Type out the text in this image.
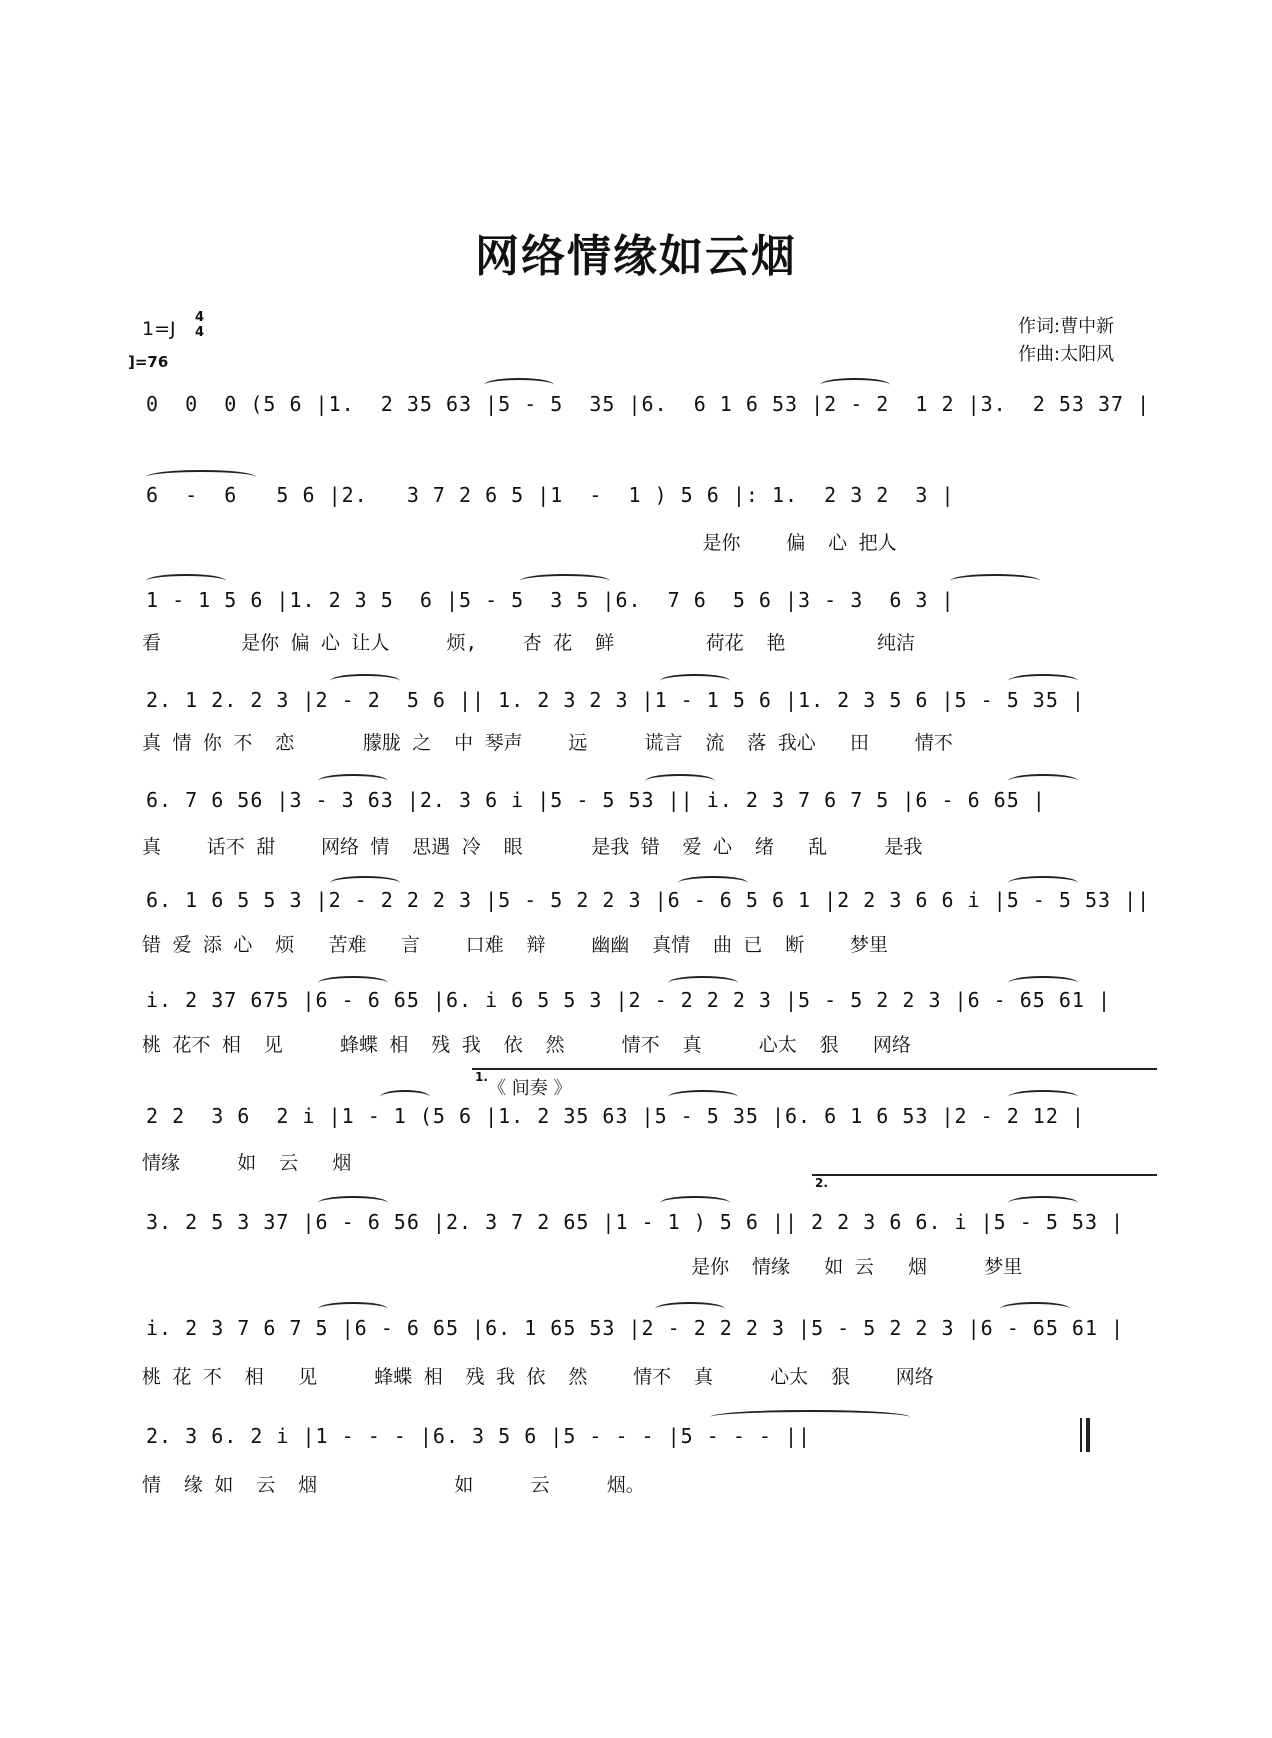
网络情缘如云烟
1=J
4
4
]=76
作词:曹中新
作曲:太阳风
0  0  0 (5 6 |1.  2 35 63 |5 - 5  35 |6.  6 1 6 53 |2 - 2  1 2 |3.  2 53 37 |
6  -  6   5 6 |2.   3 7 2 6 5 |1  -  1 ) 5 6 |: 1.  2 3 2  3 |
是你    偏  心 把人
1 - 1 5 6 |1. 2 3 5  6 |5 - 5  3 5 |6.  7 6  5 6 |3 - 3  6 3 |
看       是你 偏 心 让人     烦,    杏 花  鲜        荷花  艳        纯洁
2. 1 2. 2 3 |2 - 2  5 6 || 1. 2 3 2 3 |1 - 1 5 6 |1. 2 3 5 6 |5 - 5 35 |
真 情 你 不  恋      朦胧 之  中 琴声    远     谎言  流  落 我心   田    情不
6. 7 6 56 |3 - 3 63 |2. 3 6 i |5 - 5 53 || i. 2 3 7 6 7 5 |6 - 6 65 |
真    话不 甜    网络 情  思遇 冷  眼      是我 错  爱 心  绪   乱     是我
6. 1 6 5 5 3 |2 - 2 2 2 3 |5 - 5 2 2 3 |6 - 6 5 6 1 |2 2 3 6 6 i |5 - 5 53 ||
错 爱 添 心  烦   苦难   言    口难  辩    幽幽  真情  曲 已  断    梦里
i. 2 37 675 |6 - 6 65 |6. i 6 5 5 3 |2 - 2 2 2 3 |5 - 5 2 2 3 |6 - 65 61 |
桃 花不 相  见     蜂蝶 相  残 我  依  然     情不  真     心太  狠   网络
1.
《 间奏 》
2 2  3 6  2 i |1 - 1 (5 6 |1. 2 35 63 |5 - 5 35 |6. 6 1 6 53 |2 - 2 12 |
情缘     如  云   烟
2.
3. 2 5 3 37 |6 - 6 56 |2. 3 7 2 65 |1 - 1 ) 5 6 || 2 2 3 6 6. i |5 - 5 53 |
是你  情缘   如 云   烟     梦里
i. 2 3 7 6 7 5 |6 - 6 65 |6. 1 65 53 |2 - 2 2 2 3 |5 - 5 2 2 3 |6 - 65 61 |
桃 花 不  相   见     蜂蝶 相  残 我 依  然    情不  真     心太  狠    网络
2. 3 6. 2 i |1 - - - |6. 3 5 6 |5 - - - |5 - - - ||
情  缘 如  云  烟            如     云     烟。
